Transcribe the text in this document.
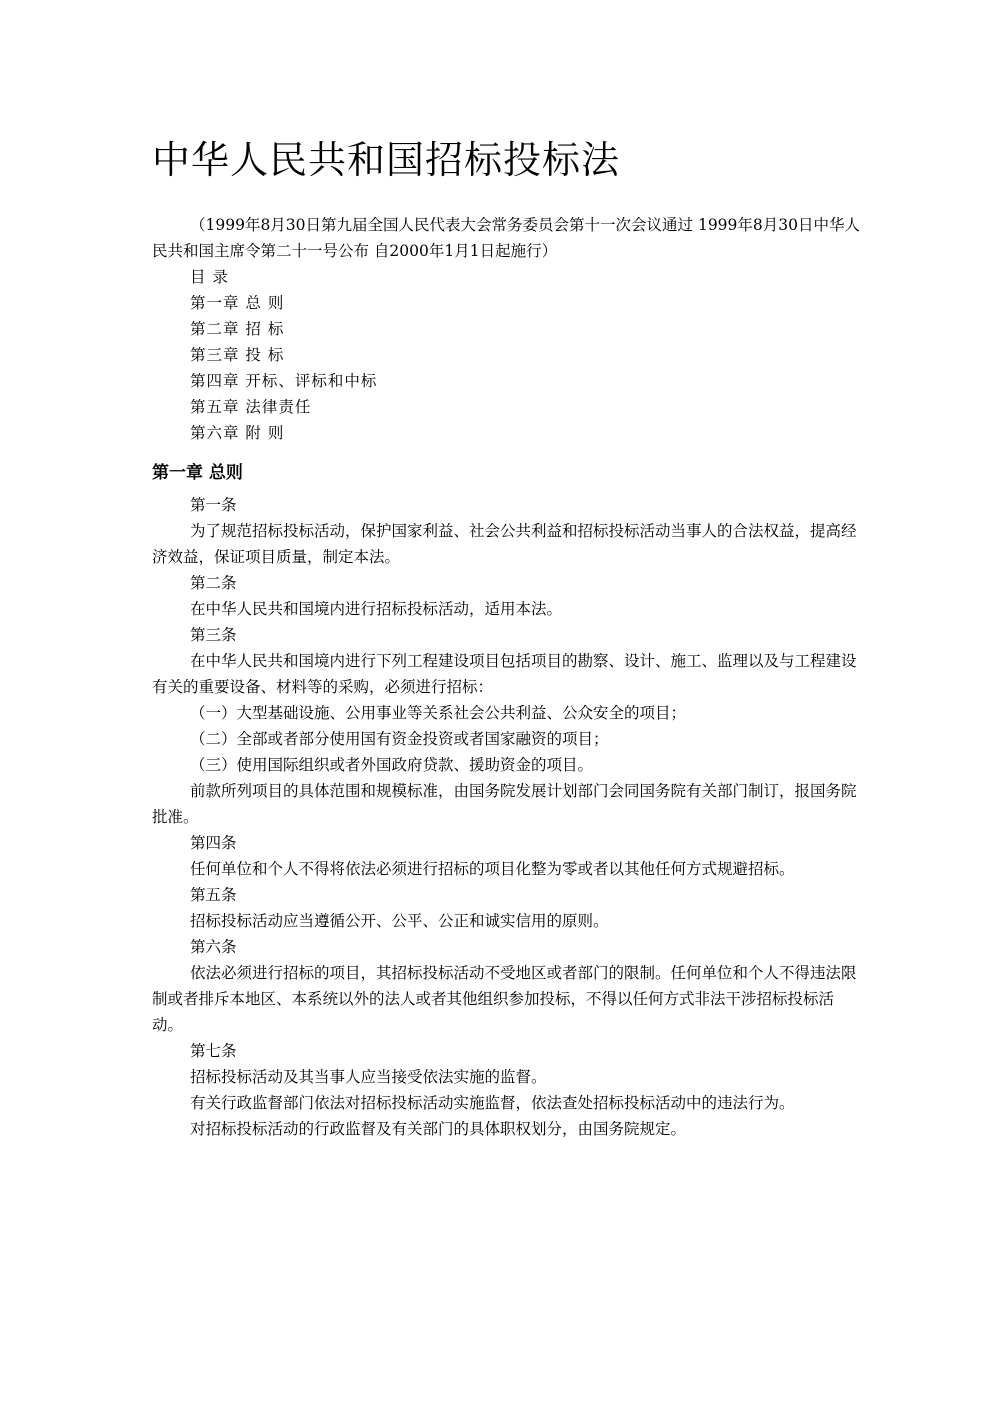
中华人民共和国招标投标法

（1999年8月30日第九届全国人民代表大会常务委员会第十一次会议通过 1999年8月30日中华人民共和国主席令第二十一号公布 自2000年1月1日起施行）

目 录

第一章 总 则

第二章 招 标

第三章 投 标

第四章 开标、评标和中标

第五章 法律责任

第六章 附 则

第一章 总则

第一条

为了规范招标投标活动，保护国家利益、社会公共利益和招标投标活动当事人的合法权益，提高经济效益，保证项目质量，制定本法。

第二条

在中华人民共和国境内进行招标投标活动，适用本法。

第三条

在中华人民共和国境内进行下列工程建设项目包括项目的勘察、设计、施工、监理以及与工程建设有关的重要设备、材料等的采购，必须进行招标：

（一）大型基础设施、公用事业等关系社会公共利益、公众安全的项目；

（二）全部或者部分使用国有资金投资或者国家融资的项目；

（三）使用国际组织或者外国政府贷款、援助资金的项目。

前款所列项目的具体范围和规模标准，由国务院发展计划部门会同国务院有关部门制订，报国务院批准。

第四条

任何单位和个人不得将依法必须进行招标的项目化整为零或者以其他任何方式规避招标。

第五条

招标投标活动应当遵循公开、公平、公正和诚实信用的原则。

第六条

依法必须进行招标的项目，其招标投标活动不受地区或者部门的限制。任何单位和个人不得违法限制或者排斥本地区、本系统以外的法人或者其他组织参加投标，不得以任何方式非法干涉招标投标活动。

第七条

招标投标活动及其当事人应当接受依法实施的监督。

有关行政监督部门依法对招标投标活动实施监督，依法查处招标投标活动中的违法行为。

对招标投标活动的行政监督及有关部门的具体职权划分，由国务院规定。
